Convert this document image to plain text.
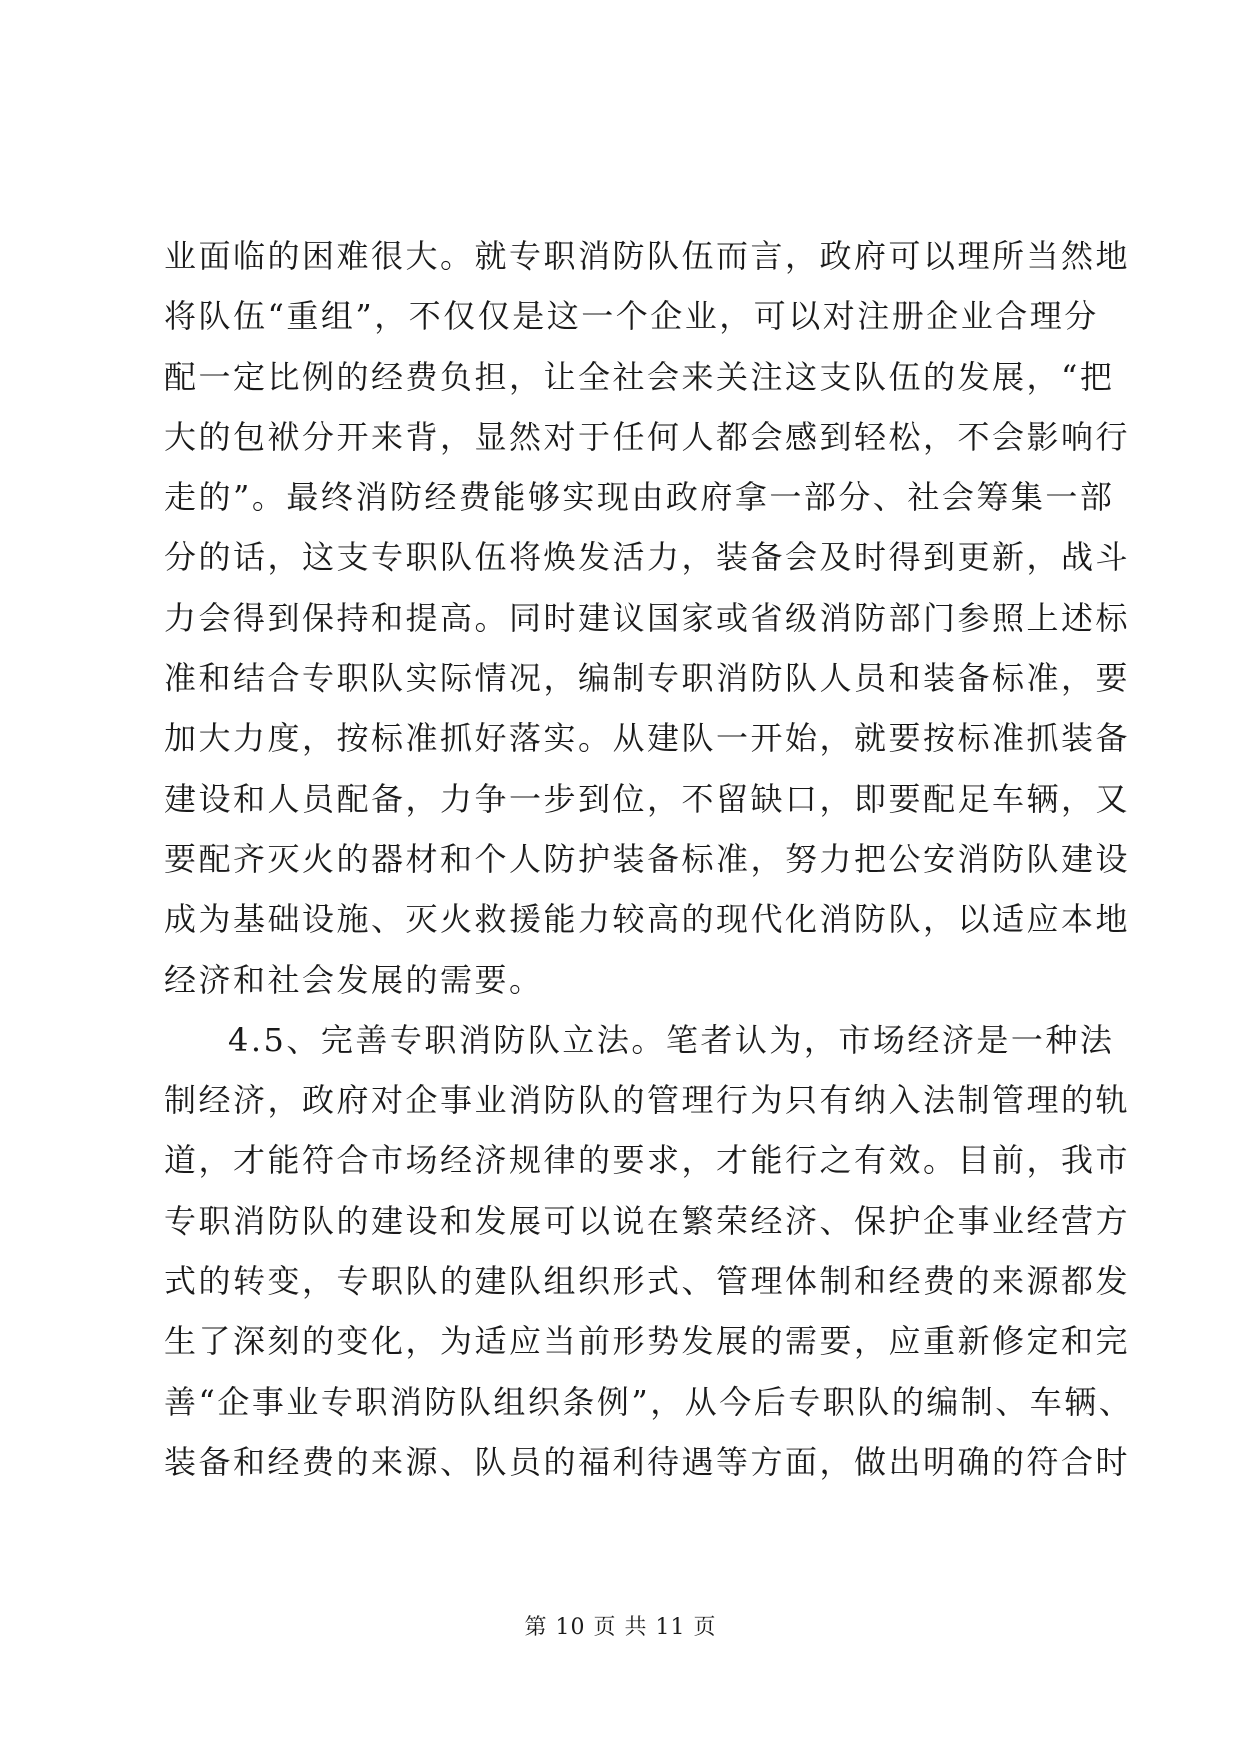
业面临的困难很大。就专职消防队伍而言，政府可以理所当然地
将队伍“重组”，不仅仅是这一个企业，可以对注册企业合理分
配一定比例的经费负担，让全社会来关注这支队伍的发展，“把
大的包袱分开来背，显然对于任何人都会感到轻松，不会影响行
走的”。最终消防经费能够实现由政府拿一部分、社会筹集一部
分的话，这支专职队伍将焕发活力，装备会及时得到更新，战斗
力会得到保持和提高。同时建议国家或省级消防部门参照上述标
准和结合专职队实际情况，编制专职消防队人员和装备标准，要
加大力度，按标准抓好落实。从建队一开始，就要按标准抓装备
建设和人员配备，力争一步到位，不留缺口，即要配足车辆，又
要配齐灭火的器材和个人防护装备标准，努力把公安消防队建设
成为基础设施、灭火救援能力较高的现代化消防队，以适应本地
经济和社会发展的需要。
4.5、完善专职消防队立法。笔者认为，市场经济是一种法
制经济，政府对企事业消防队的管理行为只有纳入法制管理的轨
道，才能符合市场经济规律的要求，才能行之有效。目前，我市
专职消防队的建设和发展可以说在繁荣经济、保护企事业经营方
式的转变，专职队的建队组织形式、管理体制和经费的来源都发
生了深刻的变化，为适应当前形势发展的需要，应重新修定和完
善“企事业专职消防队组织条例”，从今后专职队的编制、车辆、
装备和经费的来源、队员的福利待遇等方面，做出明确的符合时
第 10 页 共 11 页
